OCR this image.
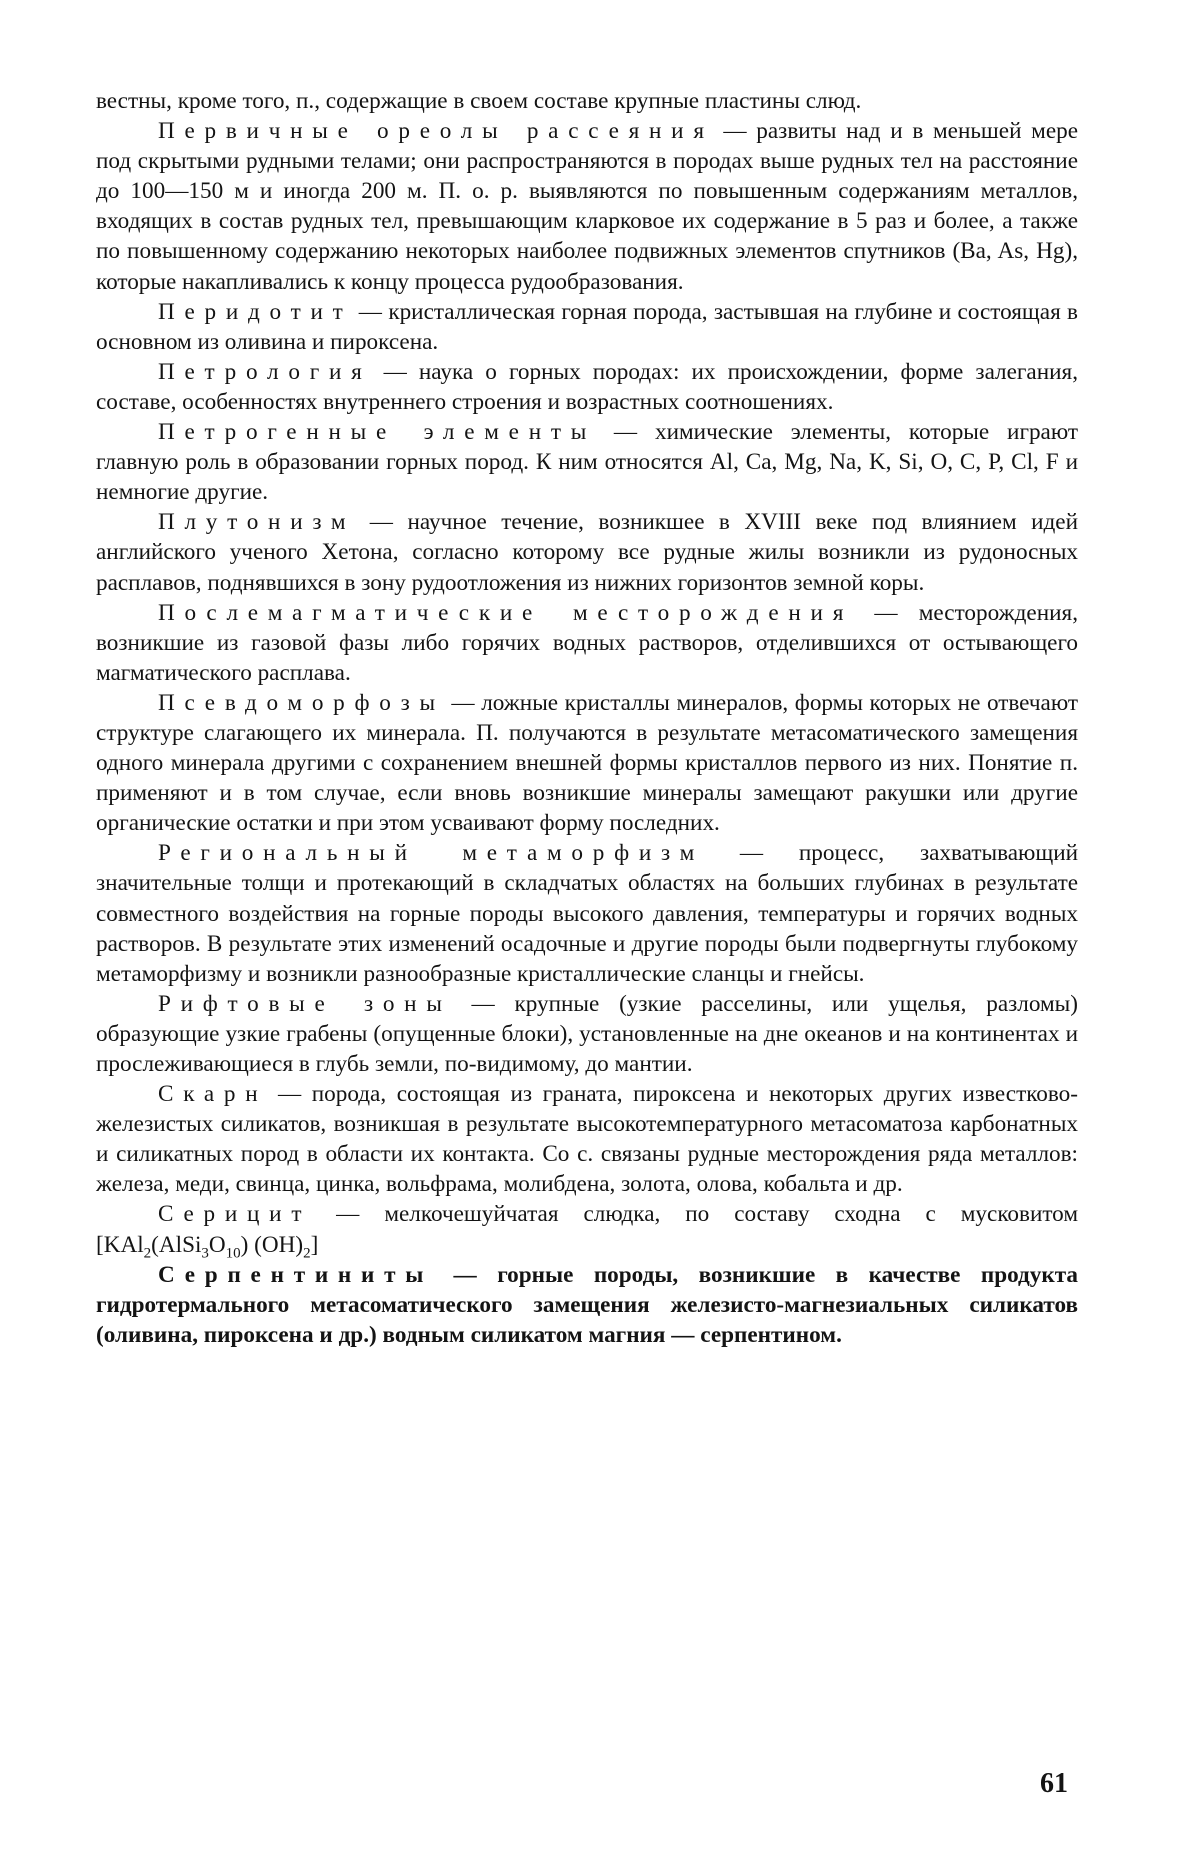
вестны, кроме того, п., содержащие в своем составе крупные пластины слюд.

Первичные ореолы рассеяния — развиты над и в меньшей мере под скрытыми рудными телами; они распространяются в породах выше рудных тел на расстояние до 100—150 м и иногда 200 м. П. о. р. выявляются по повышенным содержаниям металлов, входящих в состав рудных тел, превышающим кларковое их содержание в 5 раз и более, а также по повышенному содержанию некоторых наиболее подвижных элементов спутников (Ba, As, Hg), которые накапливались к концу процесса рудообразования.

Перидотит — кристаллическая горная порода, застывшая на глубине и состоящая в основном из оливина и пироксена.

Петрология — наука о горных породах: их происхождении, форме залегания, составе, особенностях внутреннего строения и возрастных соотношениях.

Петрогенные элементы — химические элементы, которые играют главную роль в образовании горных пород. К ним относятся Al, Ca, Mg, Na, K, Si, O, C, P, Cl, F и немногие другие.

Плутонизм — научное течение, возникшее в XVIII веке под влиянием идей английского ученого Хетона, согласно которому все рудные жилы возникли из рудоносных расплавов, поднявшихся в зону рудоотложения из нижних горизонтов земной коры.

Послемагматические месторождения — месторождения, возникшие из газовой фазы либо горячих водных растворов, отделившихся от остывающего магматического расплава.

Псевдоморфозы — ложные кристаллы минералов, формы которых не отвечают структуре слагающего их минерала. П. получаются в результате метасоматического замещения одного минерала другими с сохранением внешней формы кристаллов первого из них. Понятие п. применяют и в том случае, если вновь возникшие минералы замещают ракушки или другие органические остатки и при этом усваивают форму последних.

Региональный метаморфизм — процесс, захватывающий значительные толщи и протекающий в складчатых областях на больших глубинах в результате совместного воздействия на горные породы высокого давления, температуры и горячих водных растворов. В результате этих изменений осадочные и другие породы были подвергнуты глубокому метаморфизму и возникли разнообразные кристаллические сланцы и гнейсы.

Рифтовые зоны — крупные (узкие расселины, или ущелья, разломы) образующие узкие грабены (опущенные блоки), установленные на дне океанов и на континентах и прослеживающиеся в глубь земли, по-видимому, до мантии.

Скарн — порода, состоящая из граната, пироксена и некоторых других известково-железистых силикатов, возникшая в результате высокотемпературного метасоматоза карбонатных и силикатных пород в области их контакта. Со с. связаны рудные месторождения ряда металлов: железа, меди, свинца, цинка, вольфрама, молибдена, золота, олова, кобальта и др.

Серицит — мелкочешуйчатая слюдка, по составу сходна с мусковитом [$KAl_2(AlSi_3O_{10})$ $(OH)_2$]

Серпентиниты — горные породы, возникшие в качестве продукта гидротермального метасоматического замещения железисто-магнезиальных силикатов (оливина, пироксена и др.) водным силикатом магния — серпентином.

61
